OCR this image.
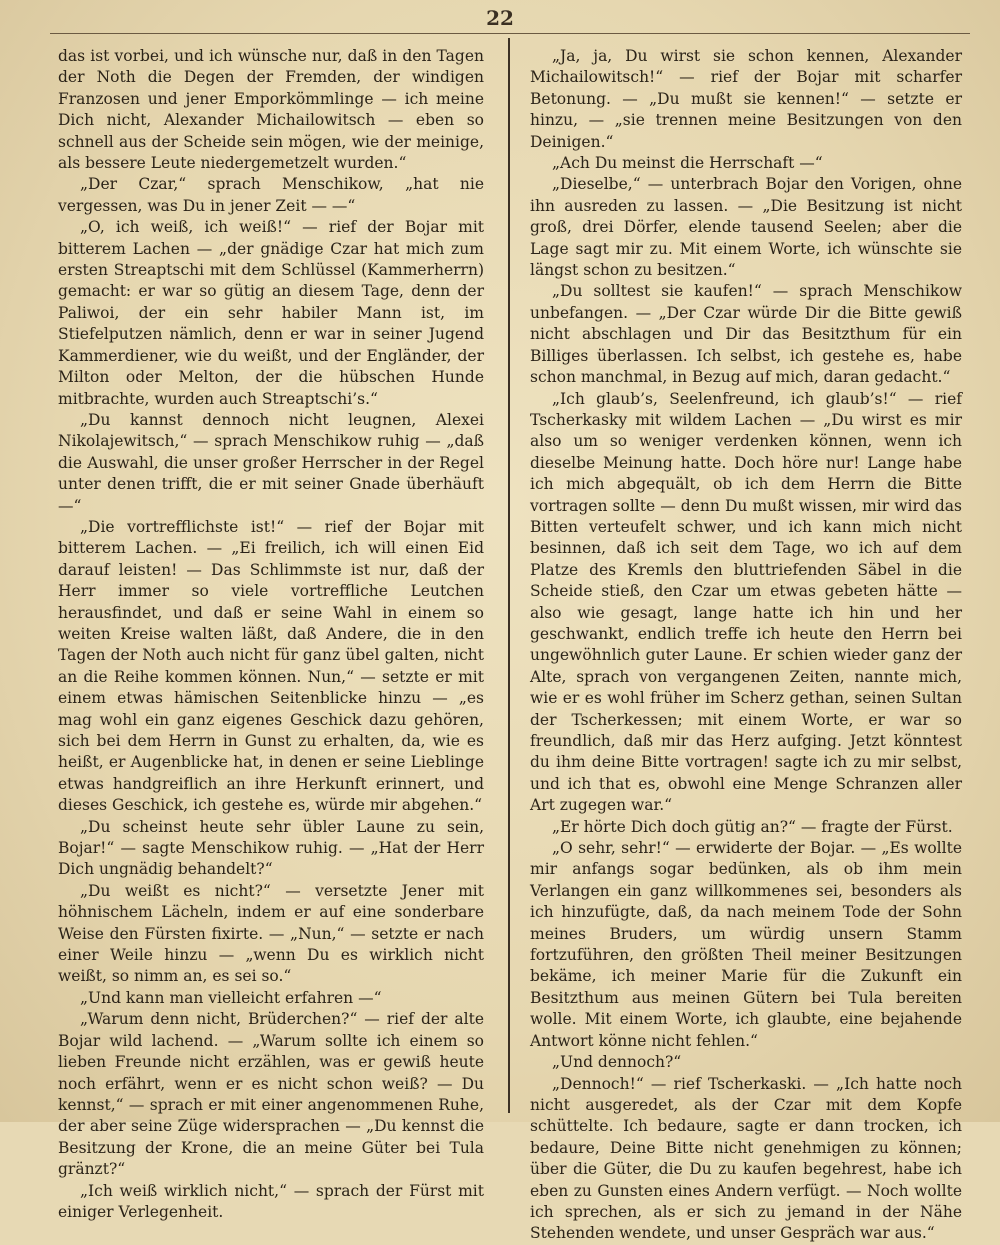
22

das ist vorbei, und ich wünsche nur, daß in den Tagen der Noth die Degen der Fremden, der windigen Franzosen und jener Emporkömmlinge — ich meine Dich nicht, Alexander Michailowitsch — eben so schnell aus der Scheide sein mögen, wie der meinige, als bessere Leute niedergemetzelt wurden.“

„Der Czar,“ sprach Menschikow, „hat nie vergessen, was Du in jener Zeit — —“

„O, ich weiß, ich weiß!“ — rief der Bojar mit bitterem Lachen — „der gnädige Czar hat mich zum ersten Streaptschi mit dem Schlüssel (Kammerherrn) gemacht: er war so gütig an diesem Tage, denn der Paliwoi, der ein sehr habiler Mann ist, im Stiefelputzen nämlich, denn er war in seiner Jugend Kammerdiener, wie du weißt, und der Engländer, der Milton oder Melton, der die hübschen Hunde mitbrachte, wurden auch Streaptschi’s.“

„Du kannst dennoch nicht leugnen, Alexei Nikolajewitsch,“ — sprach Menschikow ruhig — „daß die Auswahl, die unser großer Herrscher in der Regel unter denen trifft, die er mit seiner Gnade überhäuft —“

„Die vortrefflichste ist!“ — rief der Bojar mit bitterem Lachen. — „Ei freilich, ich will einen Eid darauf leisten! — Das Schlimmste ist nur, daß der Herr immer so viele vortreffliche Leutchen herausfindet, und daß er seine Wahl in einem so weiten Kreise walten läßt, daß Andere, die in den Tagen der Noth auch nicht für ganz übel galten, nicht an die Reihe kommen können. Nun,“ — setzte er mit einem etwas hämischen Seitenblicke hinzu — „es mag wohl ein ganz eigenes Geschick dazu gehören, sich bei dem Herrn in Gunst zu erhalten, da, wie es heißt, er Augenblicke hat, in denen er seine Lieblinge etwas handgreiflich an ihre Herkunft erinnert, und dieses Geschick, ich gestehe es, würde mir abgehen.“

„Du scheinst heute sehr übler Laune zu sein, Bojar!“ — sagte Menschikow ruhig. — „Hat der Herr Dich ungnädig behandelt?“

„Du weißt es nicht?“ — versetzte Jener mit höhnischem Lächeln, indem er auf eine sonderbare Weise den Fürsten fixirte. — „Nun,“ — setzte er nach einer Weile hinzu — „wenn Du es wirklich nicht weißt, so nimm an, es sei so.“

„Und kann man vielleicht erfahren —“

„Warum denn nicht, Brüderchen?“ — rief der alte Bojar wild lachend. — „Warum sollte ich einem so lieben Freunde nicht erzählen, was er gewiß heute noch erfährt, wenn er es nicht schon weiß? — Du kennst,“ — sprach er mit einer angenommenen Ruhe, der aber seine Züge widersprachen — „Du kennst die Besitzung der Krone, die an meine Güter bei Tula gränzt?“

„Ich weiß wirklich nicht,“ — sprach der Fürst mit einiger Verlegenheit.

„Ja, ja, Du wirst sie schon kennen, Alexander Michailowitsch!“ — rief der Bojar mit scharfer Betonung. — „Du mußt sie kennen!“ — setzte er hinzu, — „sie trennen meine Besitzungen von den Deinigen.“

„Ach Du meinst die Herrschaft —“

„Dieselbe,“ — unterbrach Bojar den Vorigen, ohne ihn ausreden zu lassen. — „Die Besitzung ist nicht groß, drei Dörfer, elende tausend Seelen; aber die Lage sagt mir zu. Mit einem Worte, ich wünschte sie längst schon zu besitzen.“

„Du solltest sie kaufen!“ — sprach Menschikow unbefangen. — „Der Czar würde Dir die Bitte gewiß nicht abschlagen und Dir das Besitzthum für ein Billiges überlassen. Ich selbst, ich gestehe es, habe schon manchmal, in Bezug auf mich, daran gedacht.“

„Ich glaub’s, Seelenfreund, ich glaub’s!“ — rief Tscherkasky mit wildem Lachen — „Du wirst es mir also um so weniger verdenken können, wenn ich dieselbe Meinung hatte. Doch höre nur! Lange habe ich mich abgequält, ob ich dem Herrn die Bitte vortragen sollte — denn Du mußt wissen, mir wird das Bitten verteufelt schwer, und ich kann mich nicht besinnen, daß ich seit dem Tage, wo ich auf dem Platze des Kremls den bluttriefenden Säbel in die Scheide stieß, den Czar um etwas gebeten hätte — also wie gesagt, lange hatte ich hin und her geschwankt, endlich treffe ich heute den Herrn bei ungewöhnlich guter Laune. Er schien wieder ganz der Alte, sprach von vergangenen Zeiten, nannte mich, wie er es wohl früher im Scherz gethan, seinen Sultan der Tscherkessen; mit einem Worte, er war so freundlich, daß mir das Herz aufging. Jetzt könntest du ihm deine Bitte vortragen! sagte ich zu mir selbst, und ich that es, obwohl eine Menge Schranzen aller Art zugegen war.“

„Er hörte Dich doch gütig an?“ — fragte der Fürst.

„O sehr, sehr!“ — erwiderte der Bojar. — „Es wollte mir anfangs sogar bedünken, als ob ihm mein Verlangen ein ganz willkommenes sei, besonders als ich hinzufügte, daß, da nach meinem Tode der Sohn meines Bruders, um würdig unsern Stamm fortzuführen, den größten Theil meiner Besitzungen bekäme, ich meiner Marie für die Zukunft ein Besitzthum aus meinen Gütern bei Tula bereiten wolle. Mit einem Worte, ich glaubte, eine bejahende Antwort könne nicht fehlen.“

„Und dennoch?“

„Dennoch!“ — rief Tscherkaski. — „Ich hatte noch nicht ausgeredet, als der Czar mit dem Kopfe schüttelte. Ich bedaure, sagte er dann trocken, ich bedaure, Deine Bitte nicht genehmigen zu können; über die Güter, die Du zu kaufen begehrest, habe ich eben zu Gunsten eines Andern verfügt. — Noch wollte ich sprechen, als er sich zu jemand in der Nähe Stehenden wendete, und unser Gespräch war aus.“
